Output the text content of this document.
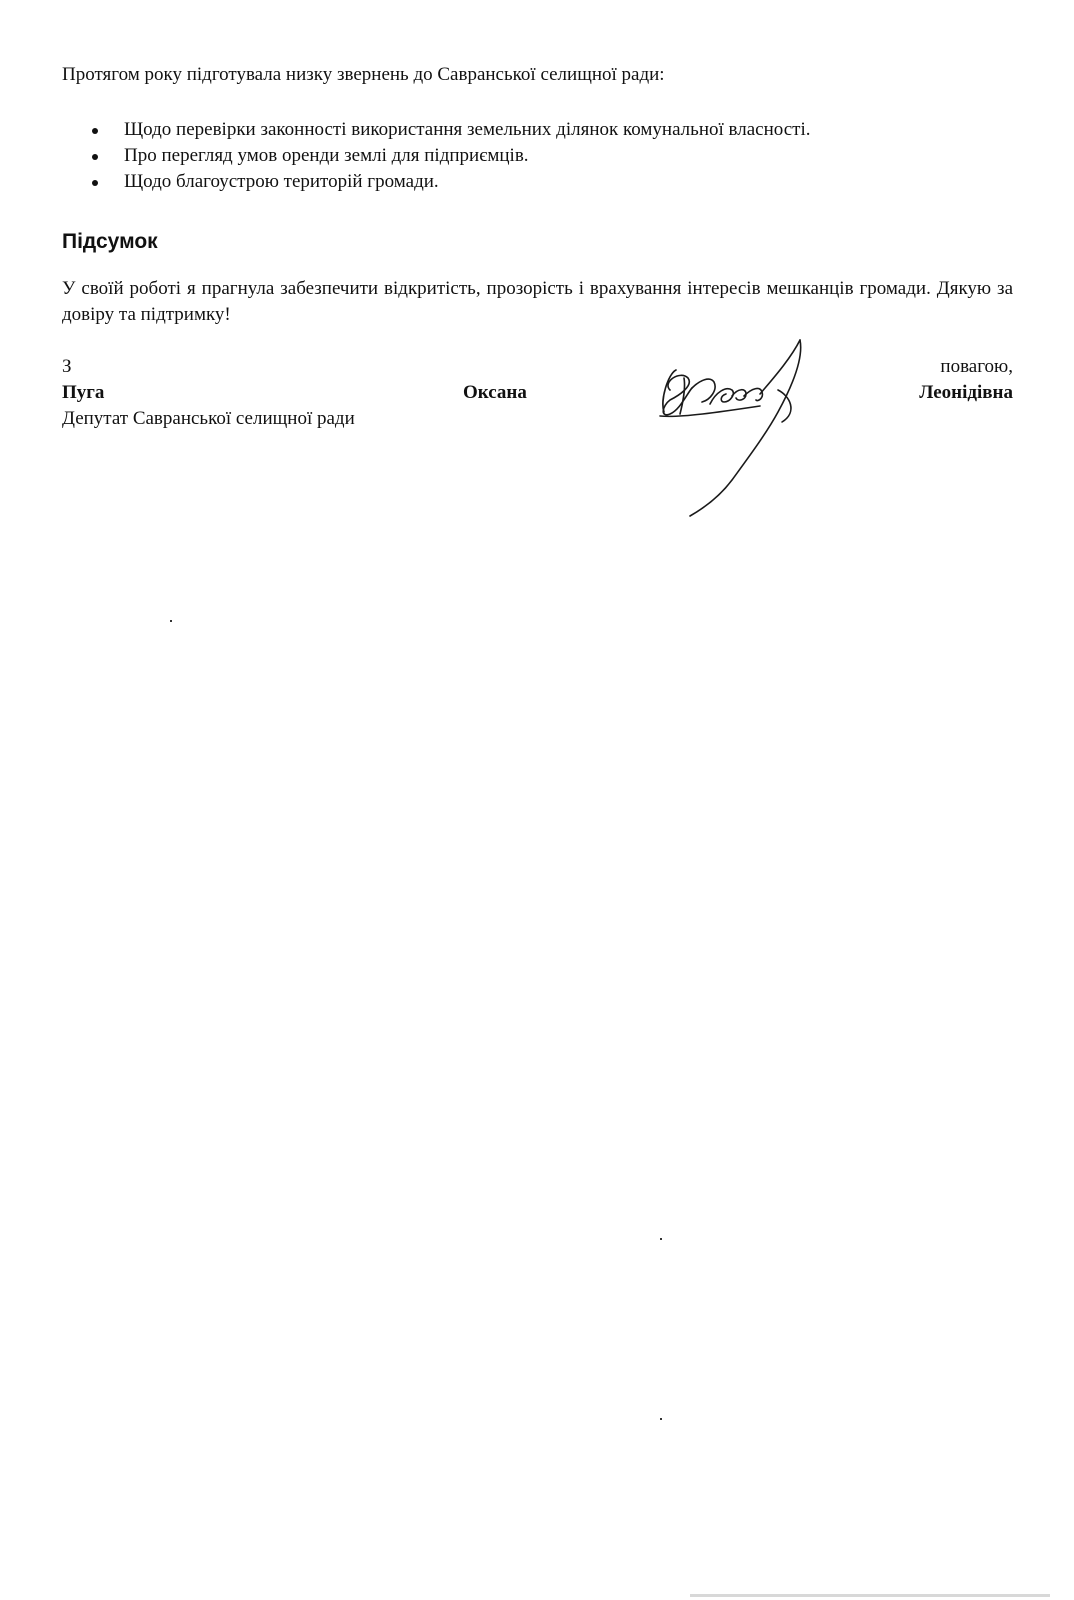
Протягом року підготувала низку звернень до Савранської селищної ради:
Щодо перевірки законності використання земельних ділянок комунальної власності.
Про перегляд умов оренди землі для підприємців.
Щодо благоустрою територій громади.
Підсумок
У своїй роботі я прагнула забезпечити відкритість, прозорість і врахування інтересів мешканців громади. Дякую за довіру та підтримку!
З	повагою,
Пуга	Оксана	Леонідівна
Депутат Савранської селищної ради
